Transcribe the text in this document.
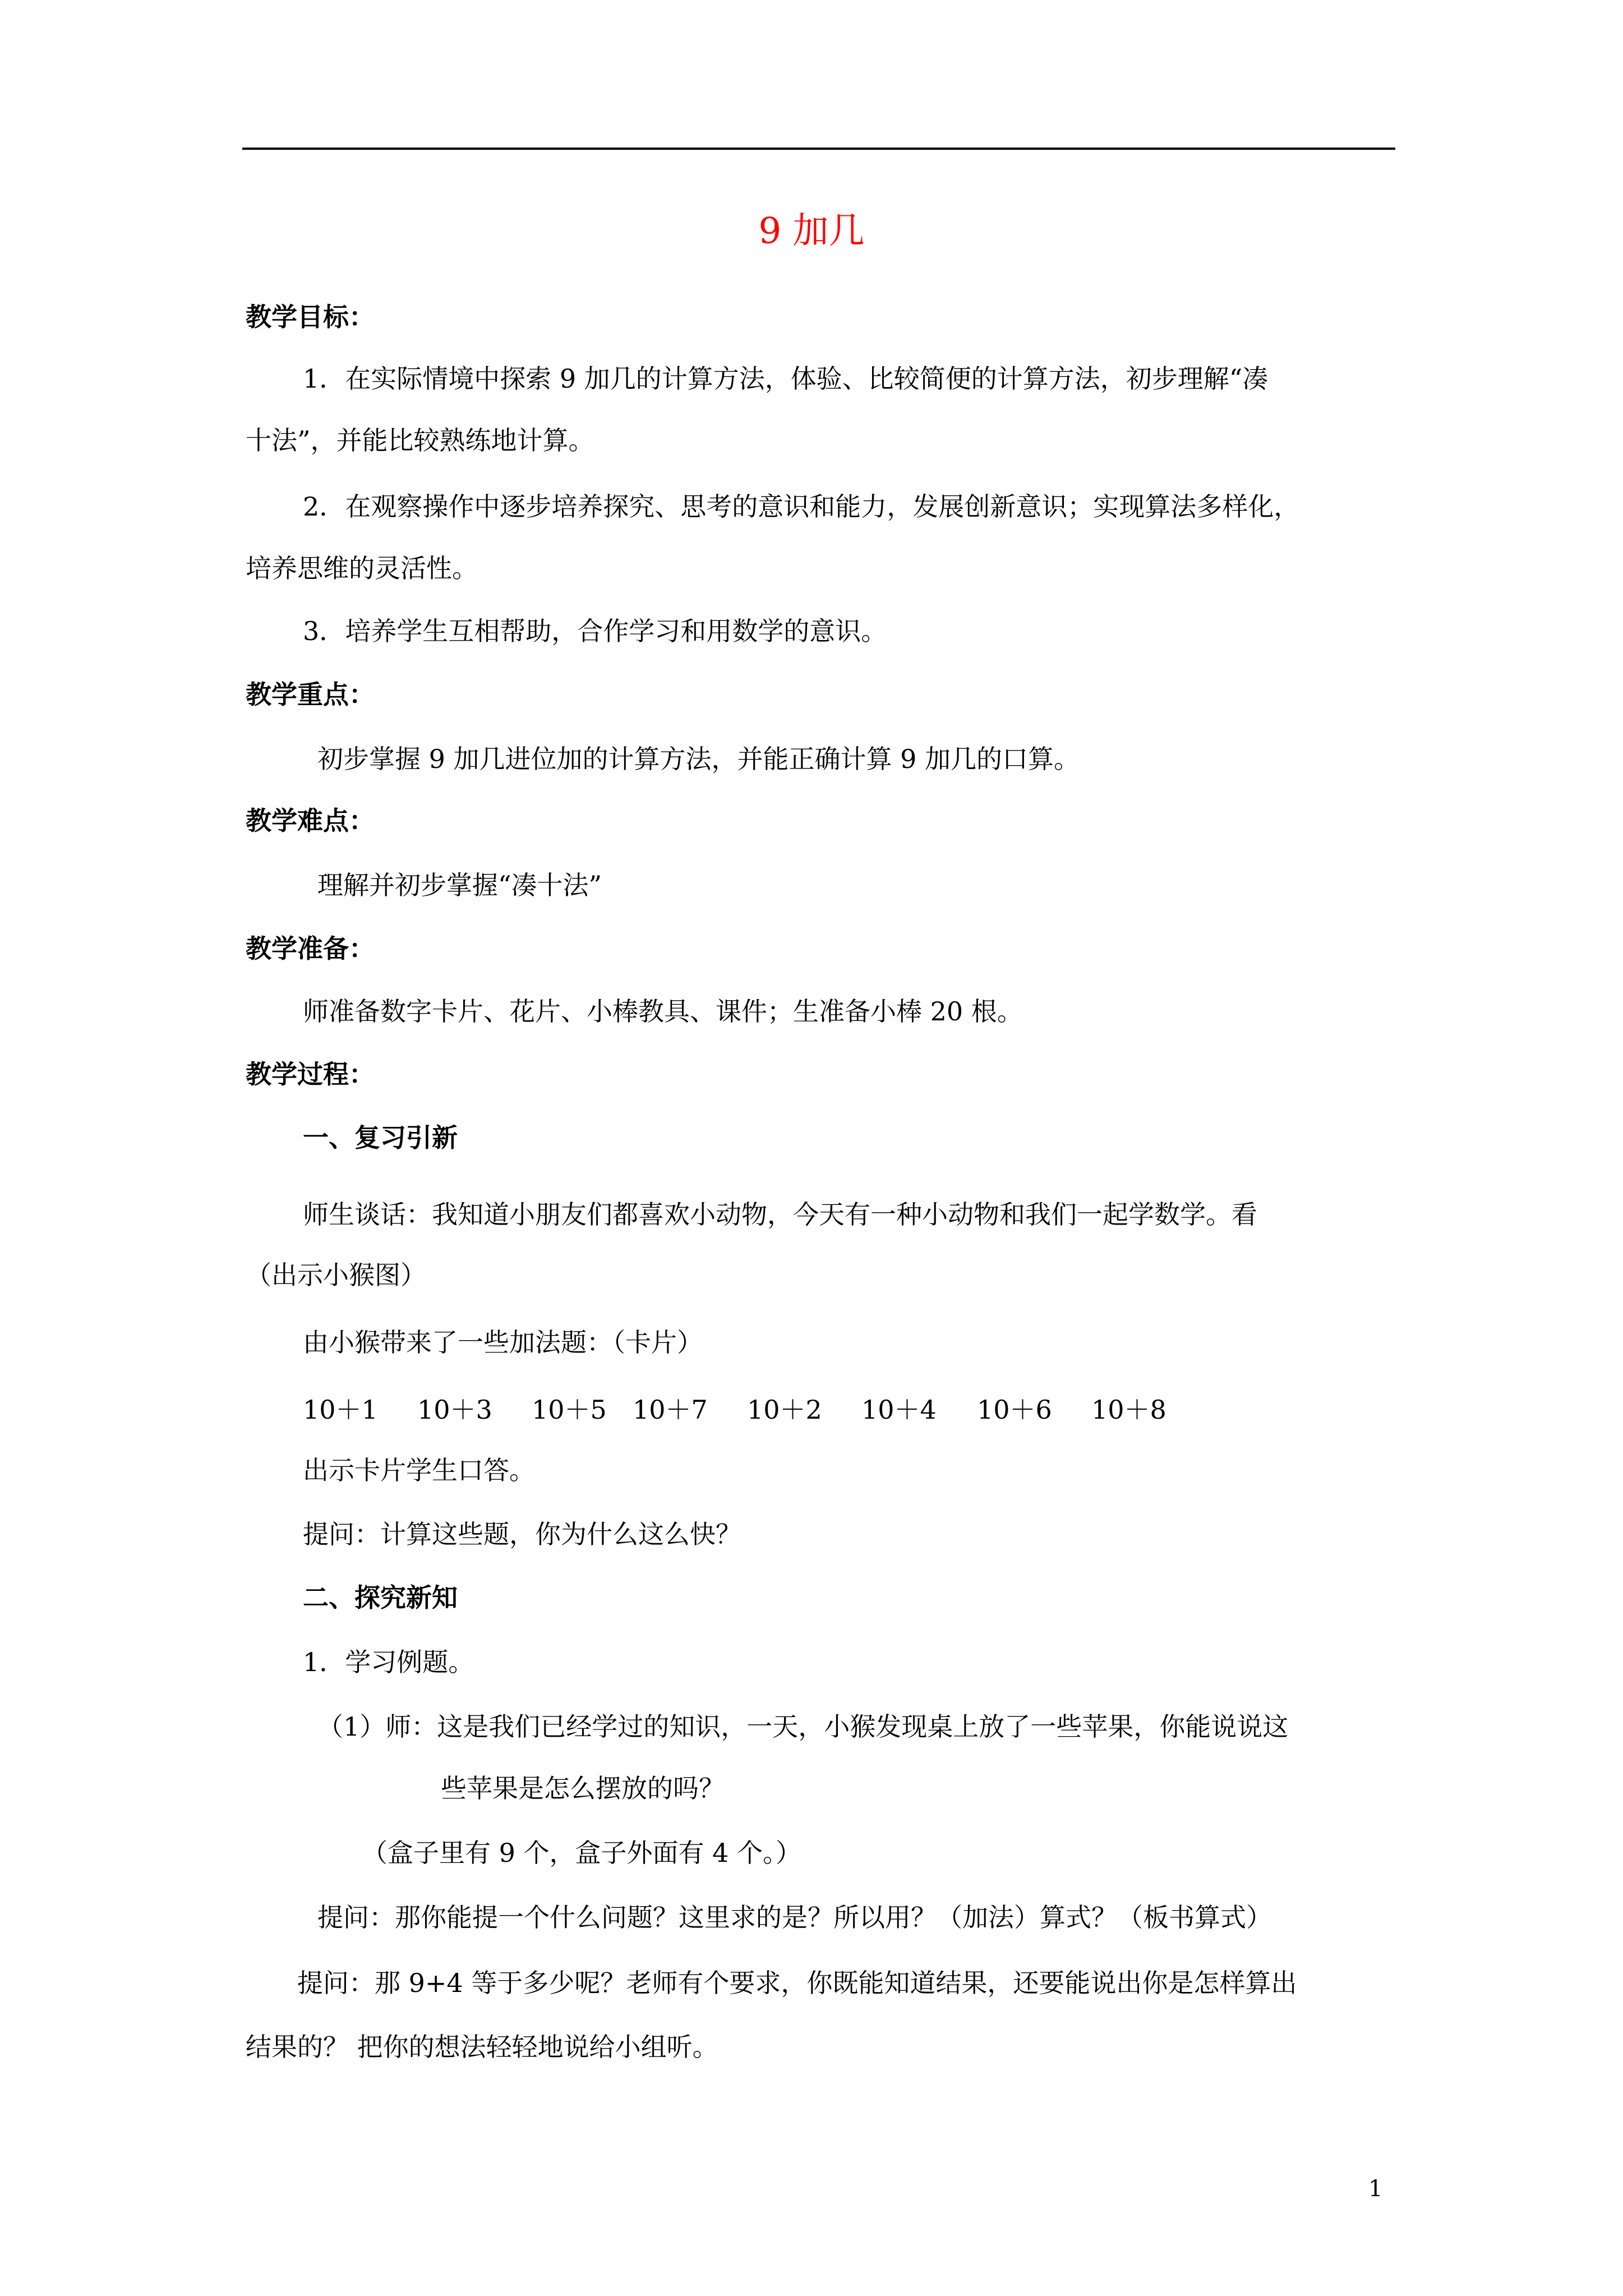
9 加几
教学目标：
1．在实际情境中探索 9 加几的计算方法，体验、比较简便的计算方法，初步理解“凑
十法”，并能比较熟练地计算。
2．在观察操作中逐步培养探究、思考的意识和能力，发展创新意识；实现算法多样化，
培养思维的灵活性。
3．培养学生互相帮助，合作学习和用数学的意识。
教学重点：
初步掌握 9 加几进位加的计算方法，并能正确计算 9 加几的口算。
教学难点：
理解并初步掌握“凑十法”
教学准备：
师准备数字卡片、花片、小棒教具、课件；生准备小棒 20 根。
教学过程：
一、复习引新
师生谈话：我知道小朋友们都喜欢小动物，今天有一种小动物和我们一起学数学。看
（出示小猴图）
由小猴带来了一些加法题：（卡片）
10＋1 10＋3 10＋5 10＋7 10＋2 10＋4 10＋6 10＋8
出示卡片学生口答。
提问：计算这些题，你为什么这么快？
二、探究新知
1．学习例题。
（1）师：这是我们已经学过的知识，一天，小猴发现桌上放了一些苹果，你能说说这
些苹果是怎么摆放的吗？
（盒子里有 9 个，盒子外面有 4 个。）
提问：那你能提一个什么问题？这里求的是？所以用？（加法）算式？（板书算式）
提问：那 9+4 等于多少呢？老师有个要求，你既能知道结果，还要能说出你是怎样算出
结果的？ 把你的想法轻轻地说给小组听。
1
